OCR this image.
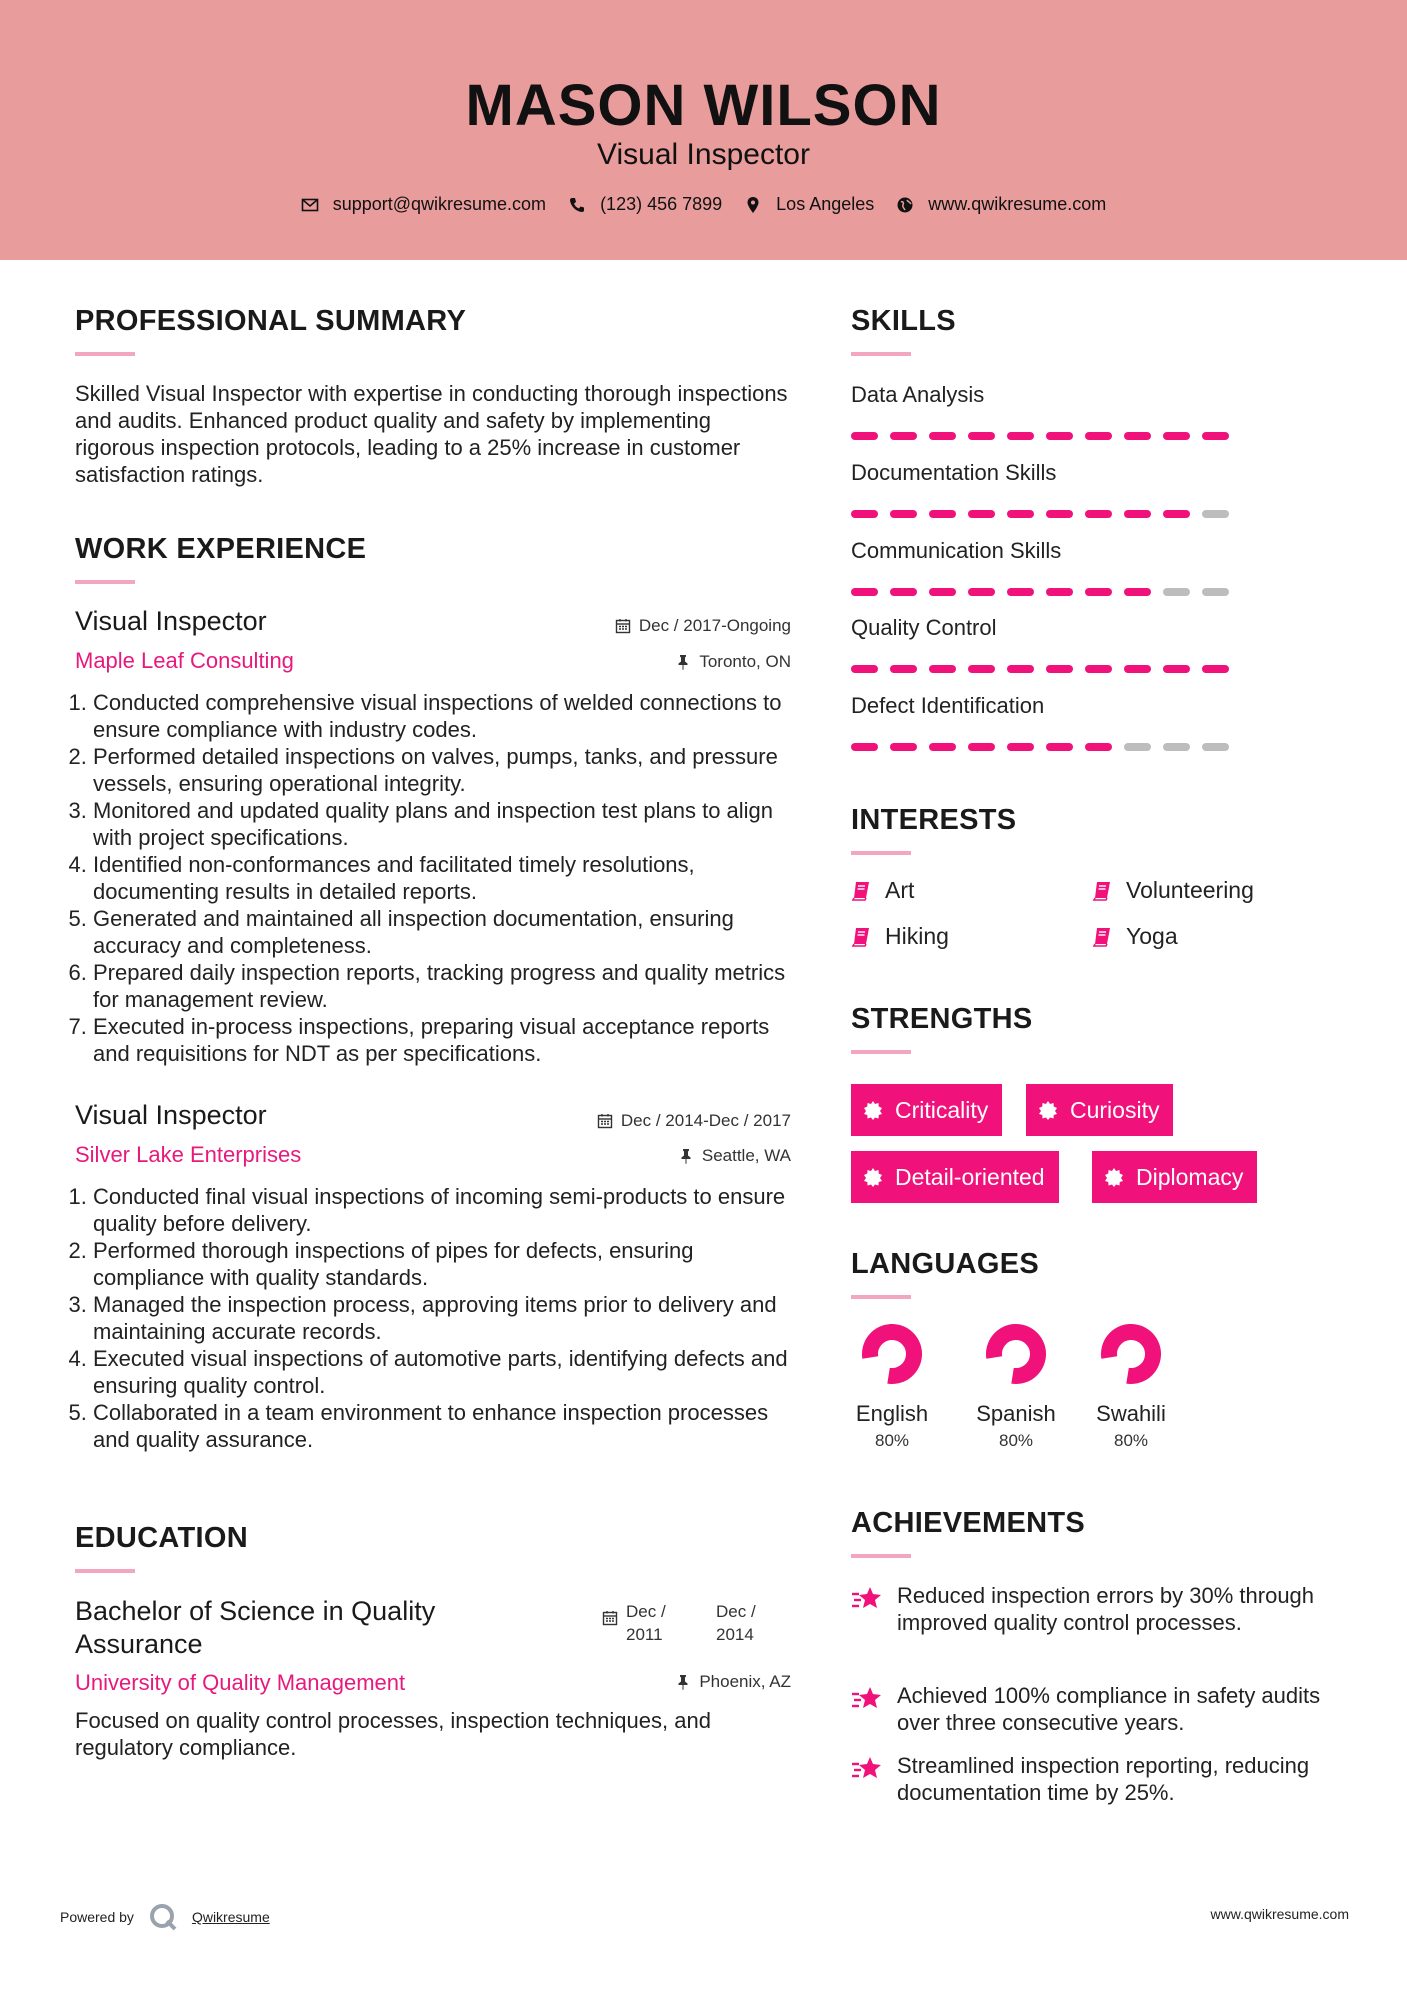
MASON WILSON
Visual Inspector
support@qwikresume.com	(123) 456 7899	Los Angeles	www.qwikresume.com
PROFESSIONAL SUMMARY
Skilled Visual Inspector with expertise in conducting thorough inspections and audits. Enhanced product quality and safety by implementing rigorous inspection protocols, leading to a 25% increase in customer satisfaction ratings.
WORK EXPERIENCE
Visual Inspector	Dec / 2017-Ongoing
Maple Leaf Consulting	Toronto, ON
1. Conducted comprehensive visual inspections of welded connections to ensure compliance with industry codes.
2. Performed detailed inspections on valves, pumps, tanks, and pressure vessels, ensuring operational integrity.
3. Monitored and updated quality plans and inspection test plans to align with project specifications.
4. Identified non-conformances and facilitated timely resolutions, documenting results in detailed reports.
5. Generated and maintained all inspection documentation, ensuring accuracy and completeness.
6. Prepared daily inspection reports, tracking progress and quality metrics for management review.
7. Executed in-process inspections, preparing visual acceptance reports and requisitions for NDT as per specifications.
Visual Inspector	Dec / 2014-Dec / 2017
Silver Lake Enterprises	Seattle, WA
1. Conducted final visual inspections of incoming semi-products to ensure quality before delivery.
2. Performed thorough inspections of pipes for defects, ensuring compliance with quality standards.
3. Managed the inspection process, approving items prior to delivery and maintaining accurate records.
4. Executed visual inspections of automotive parts, identifying defects and ensuring quality control.
5. Collaborated in a team environment to enhance inspection processes and quality assurance.
EDUCATION
Bachelor of Science in Quality Assurance
Dec / 2011
Dec / 2014
University of Quality Management	Phoenix, AZ
Focused on quality control processes, inspection techniques, and regulatory compliance.
SKILLS
Data Analysis
Documentation Skills
Communication Skills
Quality Control
Defect Identification
INTERESTS
Art	Volunteering
Hiking	Yoga
STRENGTHS
Criticality	Curiosity
Detail-oriented	Diplomacy
LANGUAGES
English
80%
Spanish
80%
Swahili
80%
ACHIEVEMENTS
Reduced inspection errors by 30% through improved quality control processes.
Achieved 100% compliance in safety audits over three consecutive years.
Streamlined inspection reporting, reducing documentation time by 25%.
Powered by	Qwikresume	www.qwikresume.com
